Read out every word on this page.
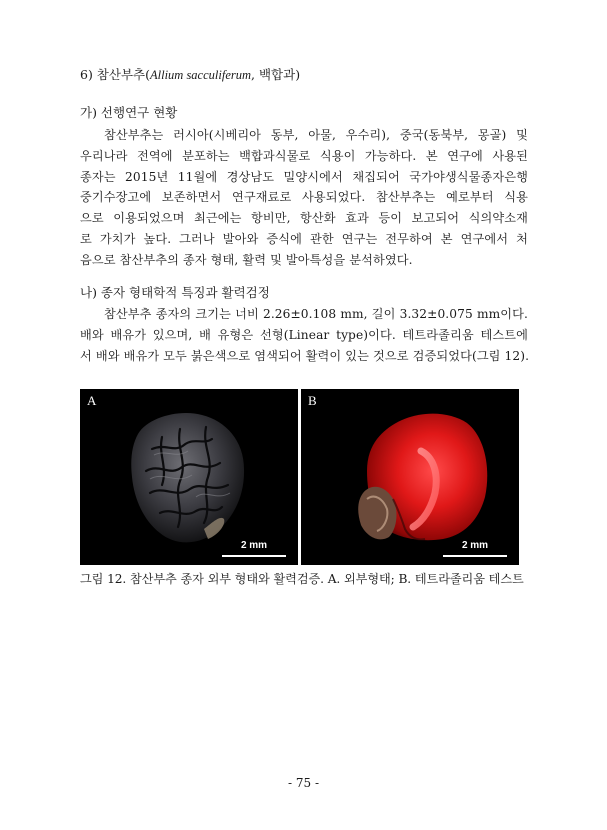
6) 참산부추(Allium sacculiferum, 백합과)
가) 선행연구 현황
참산부추는 러시아(시베리아 동부, 아물, 우수리), 중국(동북부, 몽골) 및
우리나라 전역에 분포하는 백합과식물로 식용이 가능하다. 본 연구에 사용된
종자는 2015년 11월에 경상남도 밀양시에서 채집되어 국가야생식물종자은행
중기수장고에 보존하면서 연구재료로 사용되었다. 참산부추는 예로부터 식용
으로 이용되었으며 최근에는 항비만, 항산화 효과 등이 보고되어 식의약소재
로 가치가 높다. 그러나 발아와 증식에 관한 연구는 전무하여 본 연구에서 처
음으로 참산부추의 종자 형태, 활력 및 발아특성을 분석하였다.
나) 종자 형태학적 특징과 활력검정
참산부추 종자의 크기는 너비 2.26±0.108 mm, 길이 3.32±0.075 mm이다.
배와 배유가 있으며, 배 유형은 선형(Linear type)이다. 테트라졸리움 테스트에
서 배와 배유가 모두 붉은색으로 염색되어 활력이 있는 것으로 검증되었다(그림 12).
A
2 mm
B
2 mm
그림 12. 참산부추 종자 외부 형태와 활력검증. A. 외부형태; B. 테트라졸리움 테스트
- 75 -
